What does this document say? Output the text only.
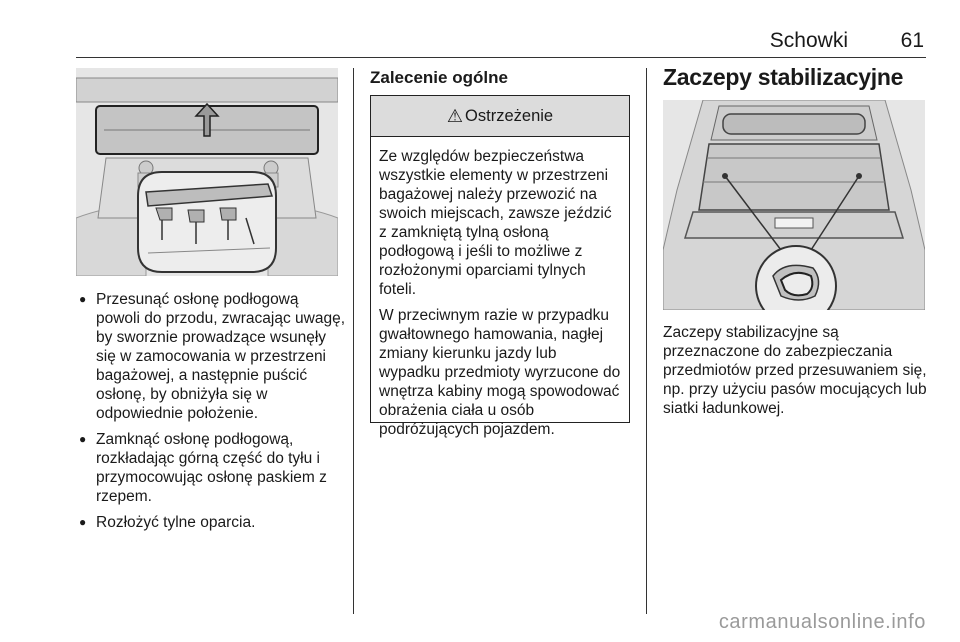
Schowki	61
● Przesunąć osłonę podłogową powoli do przodu, zwracając uwagę, by sworznie prowadzące wsunęły się w zamocowania w przestrzeni bagażowej, a następnie puścić osłonę, by obniżyła się w odpowiednie położenie.
● Zamknąć osłonę podłogową, rozkładając górną część do tyłu i przymocowując osłonę paskiem z rzepem.
● Rozłożyć tylne oparcia.
Zalecenie ogólne
⚠ Ostrzeżenie

Ze względów bezpieczeństwa wszystkie elementy w przestrzeni bagażowej należy przewozić na swoich miejscach, zawsze jeździć z zamkniętą tylną osłoną podłogową i jeśli to możliwe z rozłożonymi oparciami tylnych foteli.

W przeciwnym razie w przypadku gwałtownego hamowania, nagłej zmiany kierunku jazdy lub wypadku przedmioty wyrzucone do wnętrza kabiny mogą spowodować obrażenia ciała u osób podróżujących pojazdem.

Zaczepy stabilizacyjne

Zaczepy stabilizacyjne są przeznaczone do zabezpieczania przedmiotów przed przesuwaniem się, np. przy użyciu pasów mocujących lub siatki ładunkowej.

carmanualsonline.info
